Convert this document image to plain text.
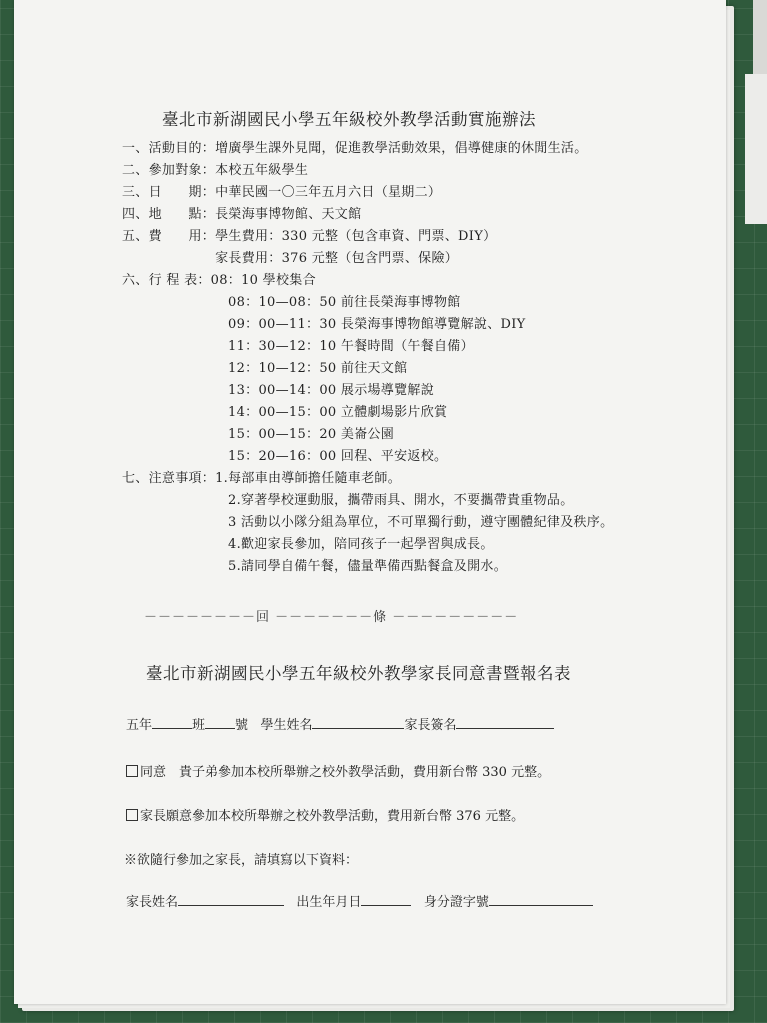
臺北市新湖國民小學五年級校外教學活動實施辦法
一、活動目的：增廣學生課外見聞，促進教學活動效果，倡導健康的休閒生活。
二、參加對象：本校五年級學生
三、日　　期：中華民國一〇三年五月六日（星期二）
四、地　　點：長榮海事博物館、天文館
五、費　　用：學生費用：330 元整（包含車資、門票、DIY）
　　　　　　　家長費用：376 元整（包含門票、保險）
六、行 程 表：08：10 學校集合
08：10—08：50 前往長榮海事博物館
09：00—11：30 長榮海事博物館導覽解說、DIY
11：30—12：10 午餐時間（午餐自備）
12：10—12：50 前往天文館
13：00—14：00 展示場導覽解說
14：00—15：00 立體劇場影片欣賞
15：00—15：20 美崙公園
15：20—16：00 回程、平安返校。
七、注意事項：1.每部車由導師擔任隨車老師。
2.穿著學校運動服，攜帶雨具、開水，不要攜帶貴重物品。
3 活動以小隊分組為單位，不可單獨行動，遵守團體紀律及秩序。
4.歡迎家長參加，陪同孩子一起學習與成長。
5.請同學自備午餐，儘量準備西點餐盒及開水。
－－－－－－－－回 －－－－－－－條 －－－－－－－－－
臺北市新湖國民小學五年級校外教學家長同意書暨報名表
五年	班 號 學生姓名	家長簽名
同意　貴子弟參加本校所舉辦之校外教學活動，費用新台幣 330 元整。
家長願意參加本校所舉辦之校外教學活動，費用新台幣 376 元整。
※欲隨行參加之家長，請填寫以下資料：
家長姓名	出生年月日	身分證字號
